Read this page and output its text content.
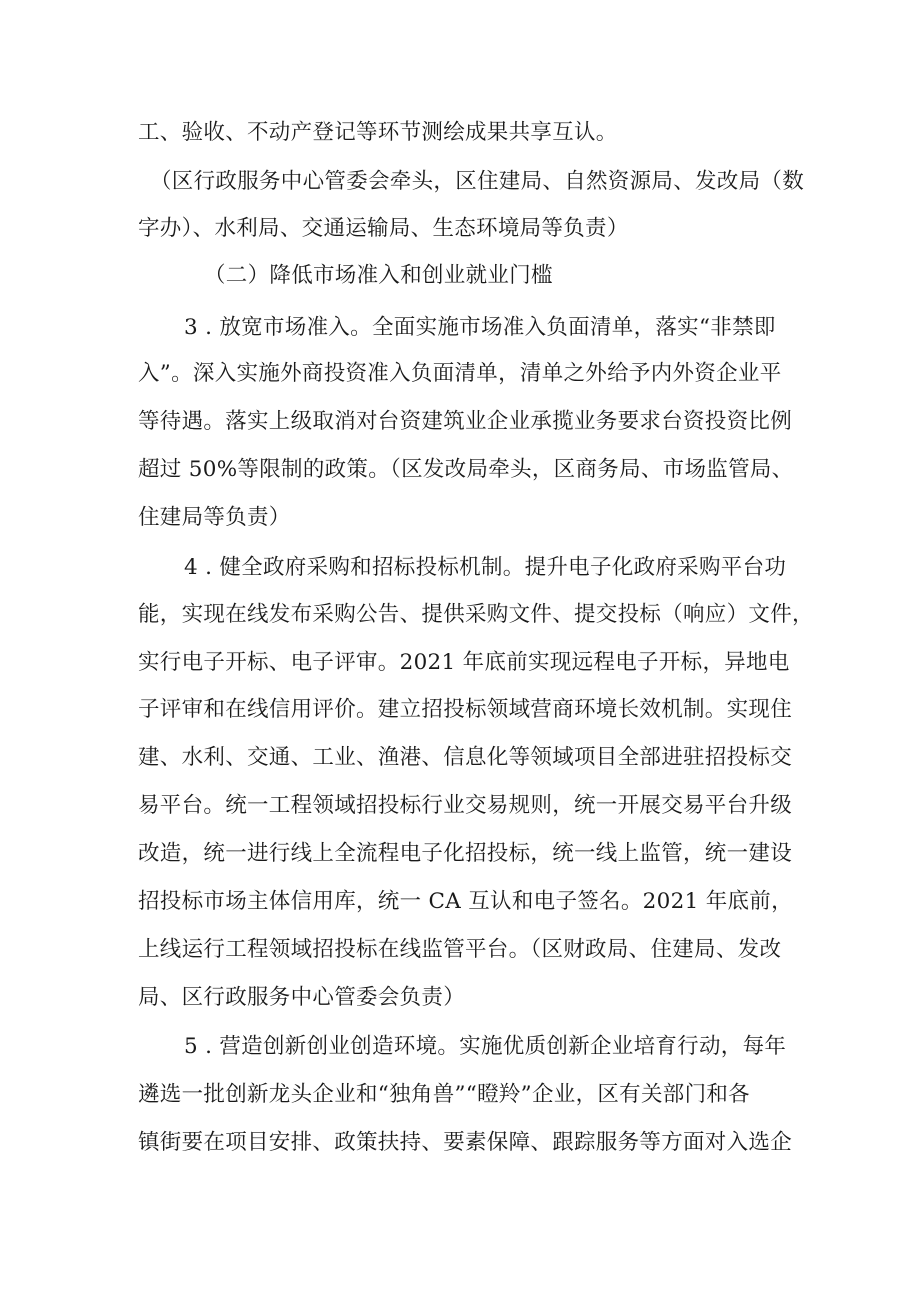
工、验收、不动产登记等环节测绘成果共享互认。
（区行政服务中心管委会牵头，区住建局、自然资源局、发改局（数
字办）、水利局、交通运输局、生态环境局等负责）
（二）降低市场准入和创业就业门槛
3 . 放宽市场准入。全面实施市场准入负面清单，落实“非禁即
入”。深入实施外商投资准入负面清单，清单之外给予内外资企业平
等待遇。落实上级取消对台资建筑业企业承揽业务要求台资投资比例
超过 50%等限制的政策。（区发改局牵头，区商务局、市场监管局、
住建局等负责）
4 . 健全政府采购和招标投标机制。提升电子化政府采购平台功
能，实现在线发布采购公告、提供采购文件、提交投标（响应）文件，
实行电子开标、电子评审。2021 年底前实现远程电子开标，异地电
子评审和在线信用评价。建立招投标领域营商环境长效机制。实现住
建、水利、交通、工业、渔港、信息化等领域项目全部进驻招投标交
易平台。统一工程领域招投标行业交易规则，统一开展交易平台升级
改造，统一进行线上全流程电子化招投标，统一线上监管，统一建设
招投标市场主体信用库，统一 CA 互认和电子签名。2021 年底前，
上线运行工程领域招投标在线监管平台。（区财政局、住建局、发改
局、区行政服务中心管委会负责）
5 . 营造创新创业创造环境。实施优质创新企业培育行动，每年
遴选一批创新龙头企业和“独角兽”“瞪羚”企业，区有关部门和各
镇街要在项目安排、政策扶持、要素保障、跟踪服务等方面对入选企
